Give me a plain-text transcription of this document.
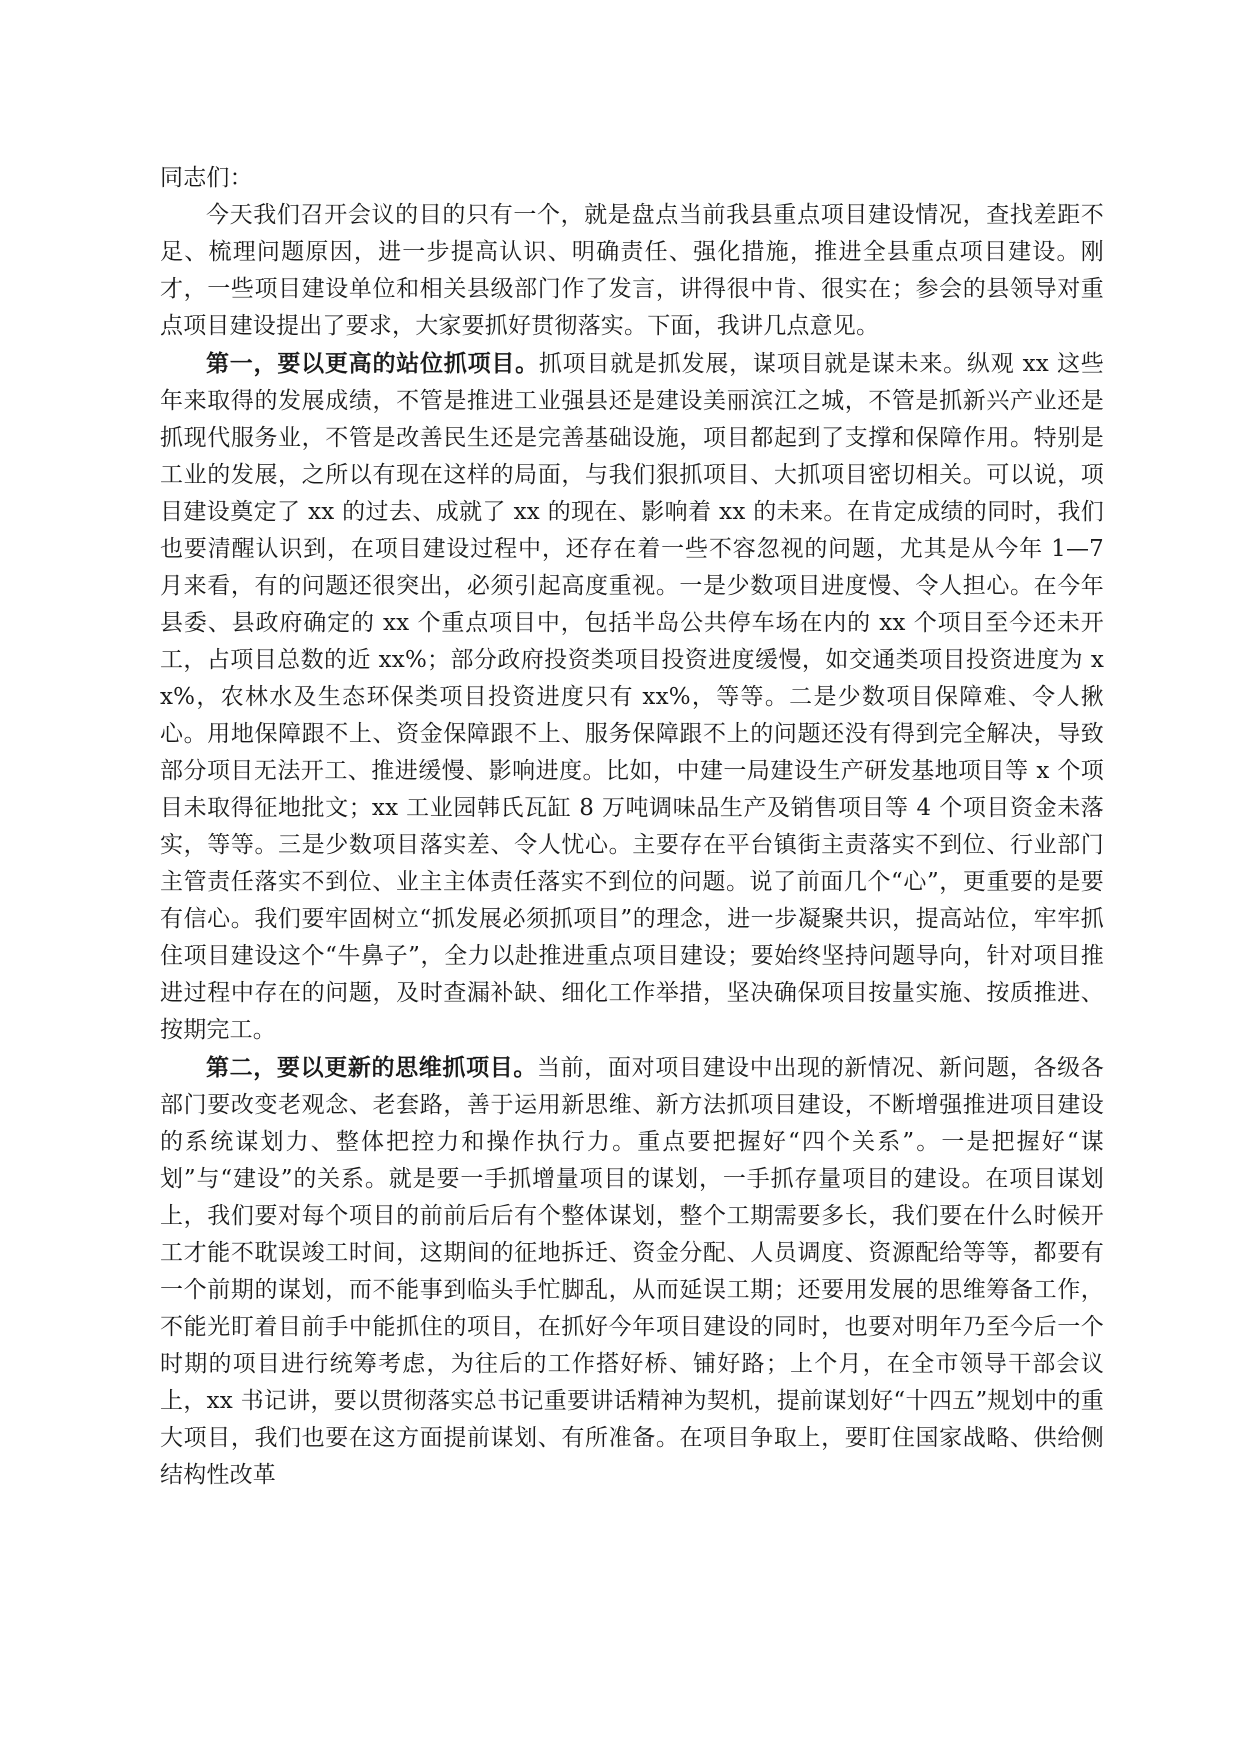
同志们：

今天我们召开会议的目的只有一个，就是盘点当前我县重点项目建设情况，查找差距不足、梳理问题原因，进一步提高认识、明确责任、强化措施，推进全县重点项目建设。刚才，一些项目建设单位和相关县级部门作了发言，讲得很中肯、很实在；参会的县领导对重点项目建设提出了要求，大家要抓好贯彻落实。下面，我讲几点意见。

第一，要以更高的站位抓项目。抓项目就是抓发展，谋项目就是谋未来。纵观 xx 这些年来取得的发展成绩，不管是推进工业强县还是建设美丽滨江之城，不管是抓新兴产业还是抓现代服务业，不管是改善民生还是完善基础设施，项目都起到了支撑和保障作用。特别是工业的发展，之所以有现在这样的局面，与我们狠抓项目、大抓项目密切相关。可以说，项目建设奠定了 xx 的过去、成就了 xx 的现在、影响着 xx 的未来。在肯定成绩的同时，我们也要清醒认识到，在项目建设过程中，还存在着一些不容忽视的问题，尤其是从今年 1—7 月来看，有的问题还很突出，必须引起高度重视。一是少数项目进度慢、令人担心。在今年县委、县政府确定的 xx 个重点项目中，包括半岛公共停车场在内的 xx 个项目至今还未开工，占项目总数的近 xx%；部分政府投资类项目投资进度缓慢，如交通类项目投资进度为 xx%，农林水及生态环保类项目投资进度只有 xx%，等等。二是少数项目保障难、令人揪心。用地保障跟不上、资金保障跟不上、服务保障跟不上的问题还没有得到完全解决，导致部分项目无法开工、推进缓慢、影响进度。比如，中建一局建设生产研发基地项目等 x 个项目未取得征地批文；xx 工业园韩氏瓦缸 8 万吨调味品生产及销售项目等 4 个项目资金未落实，等等。三是少数项目落实差、令人忧心。主要存在平台镇街主责落实不到位、行业部门主管责任落实不到位、业主主体责任落实不到位的问题。说了前面几个“心”，更重要的是要有信心。我们要牢固树立“抓发展必须抓项目”的理念，进一步凝聚共识，提高站位，牢牢抓住项目建设这个“牛鼻子”，全力以赴推进重点项目建设；要始终坚持问题导向，针对项目推进过程中存在的问题，及时查漏补缺、细化工作举措，坚决确保项目按量实施、按质推进、按期完工。

第二，要以更新的思维抓项目。当前，面对项目建设中出现的新情况、新问题，各级各部门要改变老观念、老套路，善于运用新思维、新方法抓项目建设，不断增强推进项目建设的系统谋划力、整体把控力和操作执行力。重点要把握好“四个关系”。一是把握好“谋划”与“建设”的关系。就是要一手抓增量项目的谋划，一手抓存量项目的建设。在项目谋划上，我们要对每个项目的前前后后有个整体谋划，整个工期需要多长，我们要在什么时候开工才能不耽误竣工时间，这期间的征地拆迁、资金分配、人员调度、资源配给等等，都要有一个前期的谋划，而不能事到临头手忙脚乱，从而延误工期；还要用发展的思维筹备工作，不能光盯着目前手中能抓住的项目，在抓好今年项目建设的同时，也要对明年乃至今后一个时期的项目进行统筹考虑，为往后的工作搭好桥、铺好路；上个月，在全市领导干部会议上，xx 书记讲，要以贯彻落实总书记重要讲话精神为契机，提前谋划好“十四五”规划中的重大项目，我们也要在这方面提前谋划、有所准备。在项目争取上，要盯住国家战略、供给侧结构性改革
